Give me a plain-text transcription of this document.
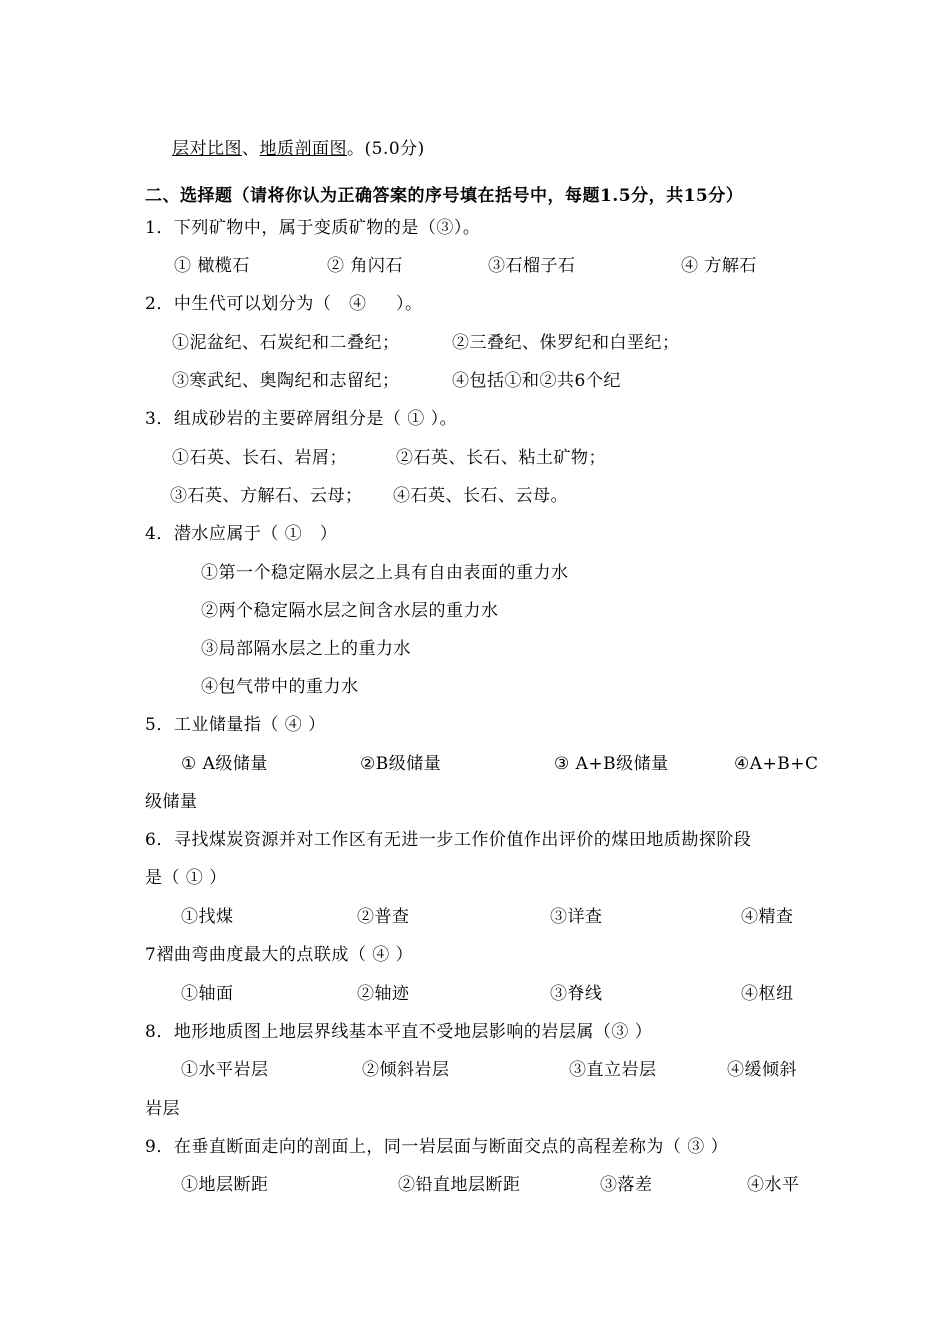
层对比图、地质剖面图。(5.0分)
二、选择题（请将你认为正确答案的序号填在括号中，每题1.5分，共15分）
1．下列矿物中，属于变质矿物的是（③）。
① 橄榄石	② 角闪石	③石榴子石	④ 方解石
2．中生代可以划分为（   ④     ）。
①泥盆纪、石炭纪和二叠纪；	②三叠纪、侏罗纪和白垩纪；
③寒武纪、奥陶纪和志留纪；	④包括①和②共6个纪
3．组成砂岩的主要碎屑组分是（ ① ）。
①石英、长石、岩屑；	②石英、长石、粘土矿物；
③石英、方解石、云母； ④石英、长石、云母。
4．潜水应属于（ ①   ）
①第一个稳定隔水层之上具有自由表面的重力水
②两个稳定隔水层之间含水层的重力水
③局部隔水层之上的重力水
④包气带中的重力水
5．工业储量指（ ④ ）
① A级储量	②B级储量	③ A+B级储量	④A+B+C
级储量
6．寻找煤炭资源并对工作区有无进一步工作价值作出评价的煤田地质勘探阶段
是（ ① ）
①找煤	②普查	③详查	④精查
7褶曲弯曲度最大的点联成（ ④ ）
①轴面	②轴迹	③脊线	④枢纽
8．地形地质图上地层界线基本平直不受地层影响的岩层属（③ ）
①水平岩层	②倾斜岩层	③直立岩层	④缓倾斜
岩层
9．在垂直断面走向的剖面上，同一岩层面与断面交点的高程差称为（ ③ ）
①地层断距	②铅直地层断距	③落差	④水平
